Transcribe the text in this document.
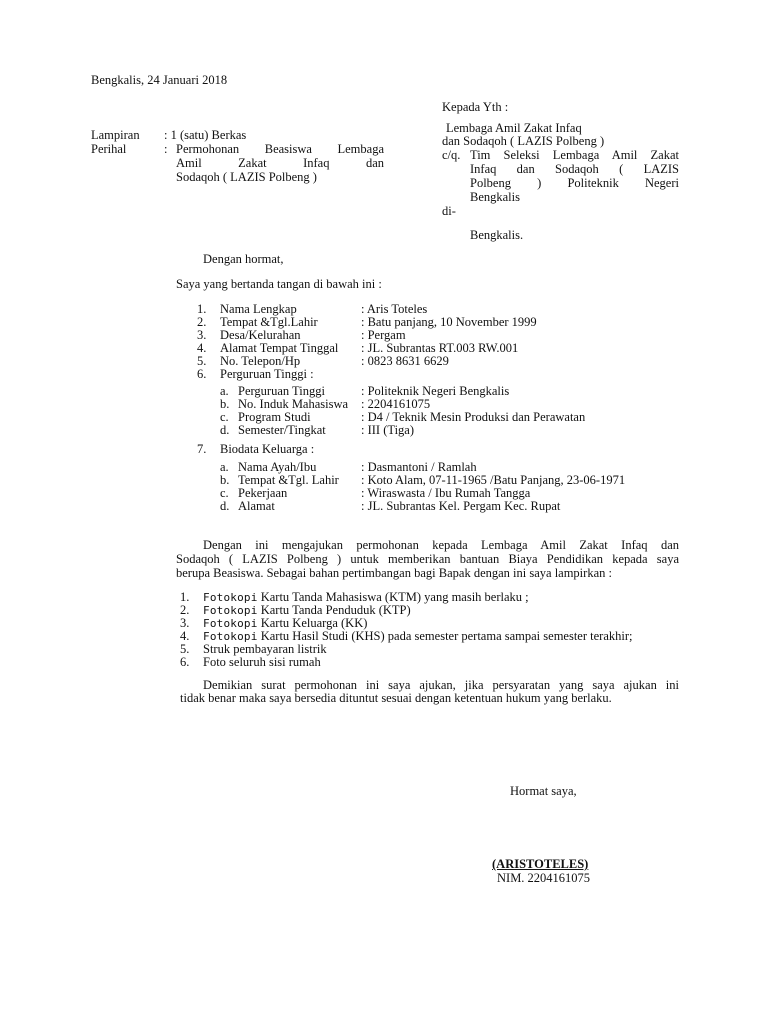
Bengkalis, 24 Januari 2018
Lampiran : 1 (satu) Berkas
Perihal	: Permohonan Beasiswa Lembaga
Amil Zakat Infaq dan
Sodaqoh ( LAZIS Polbeng )
Kepada Yth :
Lembaga Amil Zakat Infaq
dan Sodaqoh ( LAZIS Polbeng )
c/q. Tim Seleksi Lembaga Amil Zakat
Infaq dan Sodaqoh ( LAZIS
Polbeng ) Politeknik Negeri
Bengkalis
di-
Bengkalis.
Dengan hormat,
Saya yang bertanda tangan di bawah ini :
1. Nama Lengkap	: Aris Toteles
2. Tempat &Tgl.Lahir	: Batu panjang, 10 November 1999
3. Desa/Kelurahan	: Pergam
4. Alamat Tempat Tinggal : JL. Subrantas RT.003 RW.001
5. No. Telepon/Hp	: 0823 8631 6629
6. Perguruan Tinggi :
a. Perguruan Tinggi	: Politeknik Negeri Bengkalis
b. No. Induk Mahasiswa : 2204161075
c. Program Studi	: D4 / Teknik Mesin Produksi dan Perawatan
d. Semester/Tingkat	: III (Tiga)
7. Biodata Keluarga :
a. Nama Ayah/Ibu	: Dasmantoni / Ramlah
b. Tempat &Tgl. Lahir : Koto Alam, 07-11-1965 /Batu Panjang, 23-06-1971
c. Pekerjaan	: Wiraswasta / Ibu Rumah Tangga
d. Alamat	: JL. Subrantas Kel. Pergam Kec. Rupat
Dengan ini mengajukan permohonan kepada Lembaga Amil Zakat Infaq dan
Sodaqoh ( LAZIS Polbeng ) untuk memberikan bantuan Biaya Pendidikan kepada saya
berupa Beasiswa. Sebagai bahan pertimbangan bagi Bapak dengan ini saya lampirkan :
1. Fotokopi Kartu Tanda Mahasiswa (KTM) yang masih berlaku ;
2. Fotokopi Kartu Tanda Penduduk (KTP)
3. Fotokopi Kartu Keluarga (KK)
4. Fotokopi Kartu Hasil Studi (KHS) pada semester pertama sampai semester terakhir;
5. Struk pembayaran listrik
6. Foto seluruh sisi rumah
Demikian surat permohonan ini saya ajukan, jika persyaratan yang saya ajukan ini
tidak benar maka saya bersedia dituntut sesuai dengan ketentuan hukum yang berlaku.
Hormat saya,
(ARISTOTELES)
NIM. 2204161075
